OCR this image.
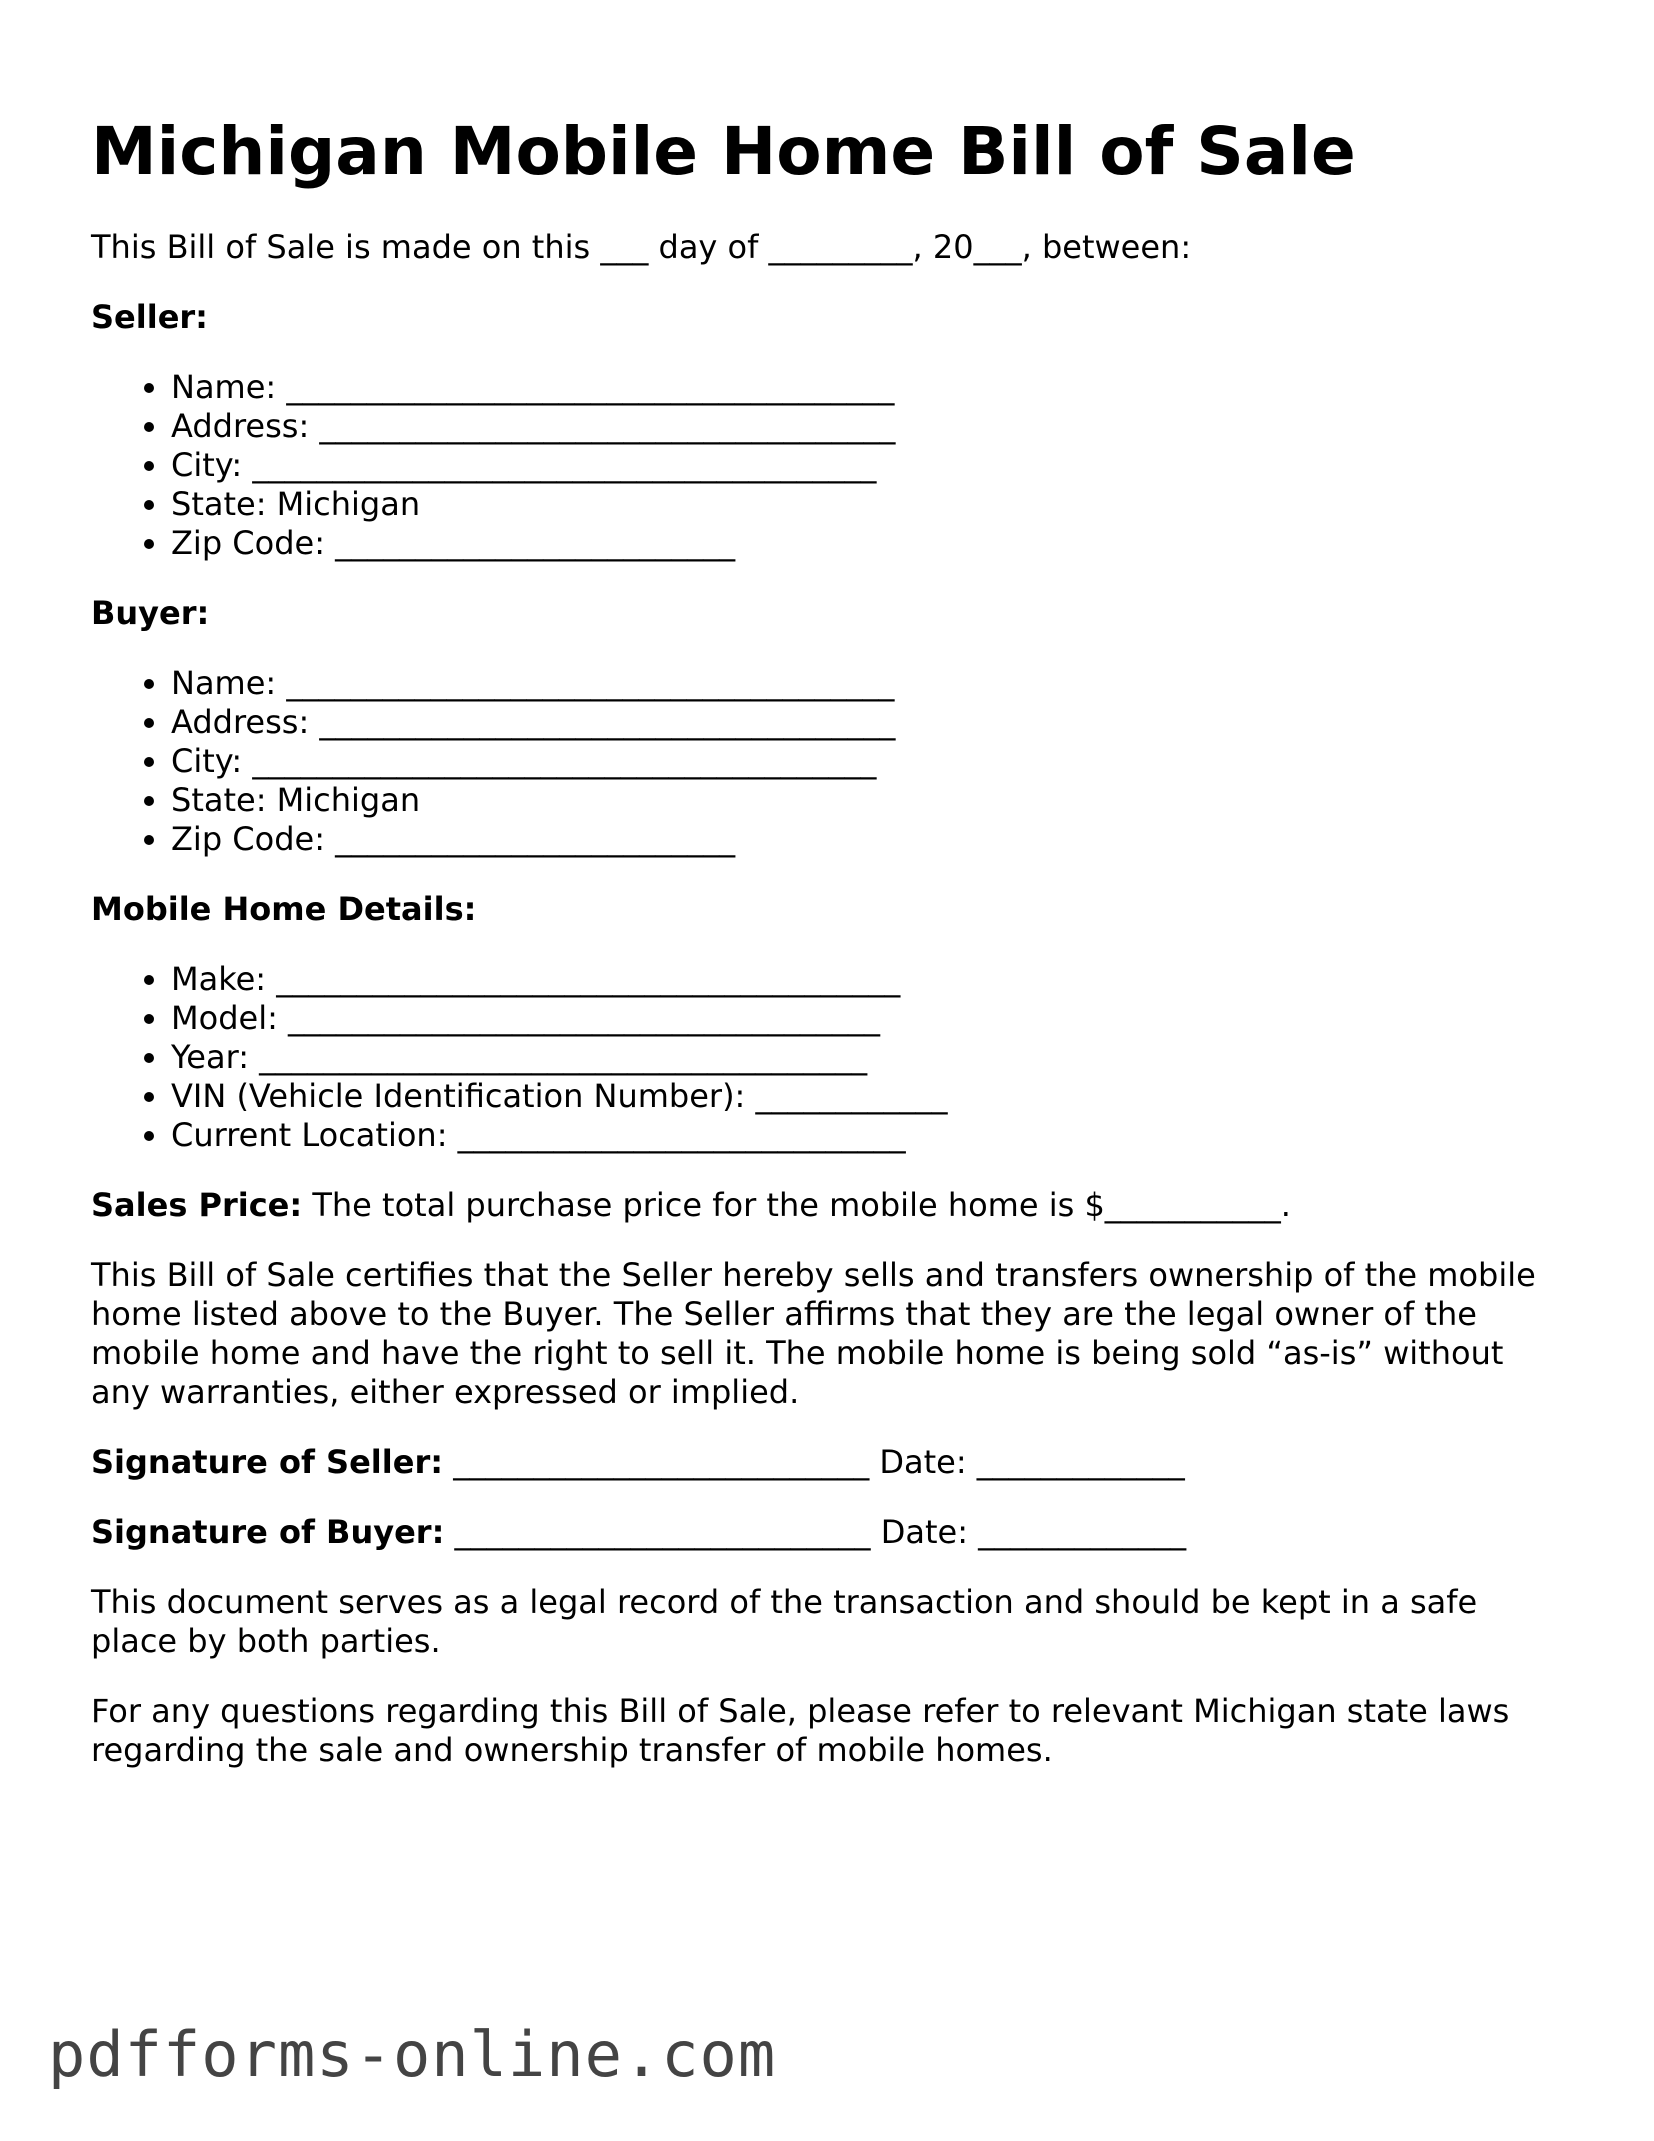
Michigan Mobile Home Bill of Sale

This Bill of Sale is made on this ___ day of _________, 20___, between:

Seller:

• Name: ______________________________________
• Address: ____________________________________
• City: _______________________________________
• State: Michigan
• Zip Code: _________________________

Buyer:

• Name: ______________________________________
• Address: ____________________________________
• City: _______________________________________
• State: Michigan
• Zip Code: _________________________

Mobile Home Details:

• Make: _______________________________________
• Model: _____________________________________
• Year: ______________________________________
• VIN (Vehicle Identification Number): ____________
• Current Location: ____________________________

Sales Price: The total purchase price for the mobile home is $___________.

This Bill of Sale certifies that the Seller hereby sells and transfers ownership of the mobile home listed above to the Buyer. The Seller affirms that they are the legal owner of the mobile home and have the right to sell it. The mobile home is being sold “as-is” without any warranties, either expressed or implied.

Signature of Seller: __________________________ Date: _____________

Signature of Buyer: __________________________ Date: _____________

This document serves as a legal record of the transaction and should be kept in a safe place by both parties.

For any questions regarding this Bill of Sale, please refer to relevant Michigan state laws regarding the sale and ownership transfer of mobile homes.

pdfforms-online.com
